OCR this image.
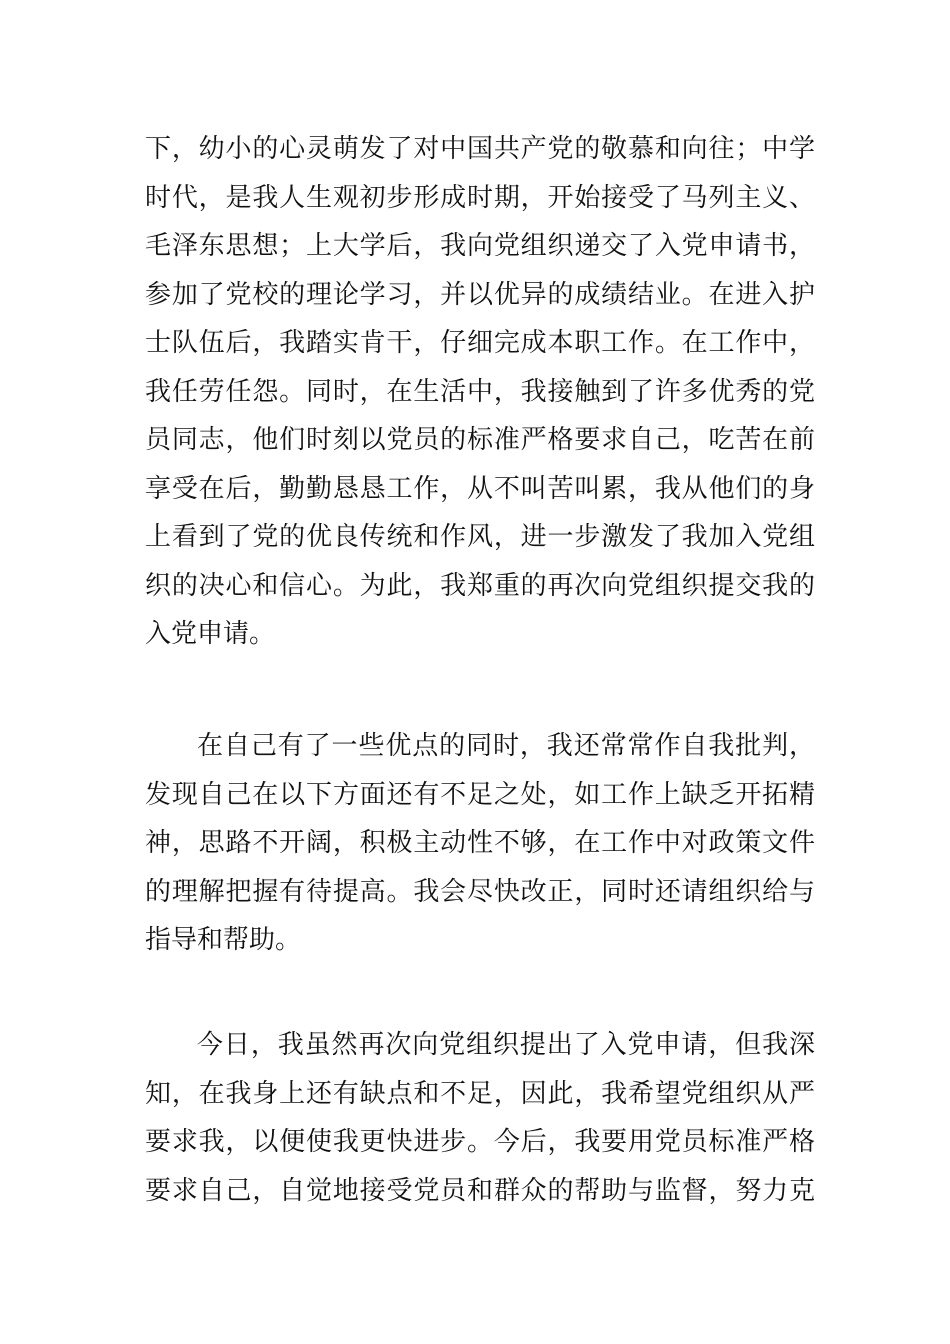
下，幼小的心灵萌发了对中国共产党的敬慕和向往；中学
时代，是我人生观初步形成时期，开始接受了马列主义、
毛泽东思想；上大学后，我向党组织递交了入党申请书，
参加了党校的理论学习，并以优异的成绩结业。在进入护
士队伍后，我踏实肯干，仔细完成本职工作。在工作中，
我任劳任怨。同时，在生活中，我接触到了许多优秀的党
员同志，他们时刻以党员的标准严格要求自己，吃苦在前
享受在后，勤勤恳恳工作，从不叫苦叫累，我从他们的身
上看到了党的优良传统和作风，进一步激发了我加入党组
织的决心和信心。为此，我郑重的再次向党组织提交我的
入党申请。
在自己有了一些优点的同时，我还常常作自我批判，
发现自己在以下方面还有不足之处，如工作上缺乏开拓精
神，思路不开阔，积极主动性不够，在工作中对政策文件
的理解把握有待提高。我会尽快改正，同时还请组织给与
指导和帮助。
今日，我虽然再次向党组织提出了入党申请，但我深
知，在我身上还有缺点和不足，因此，我希望党组织从严
要求我，以便使我更快进步。今后，我要用党员标准严格
要求自己，自觉地接受党员和群众的帮助与监督，努力克
